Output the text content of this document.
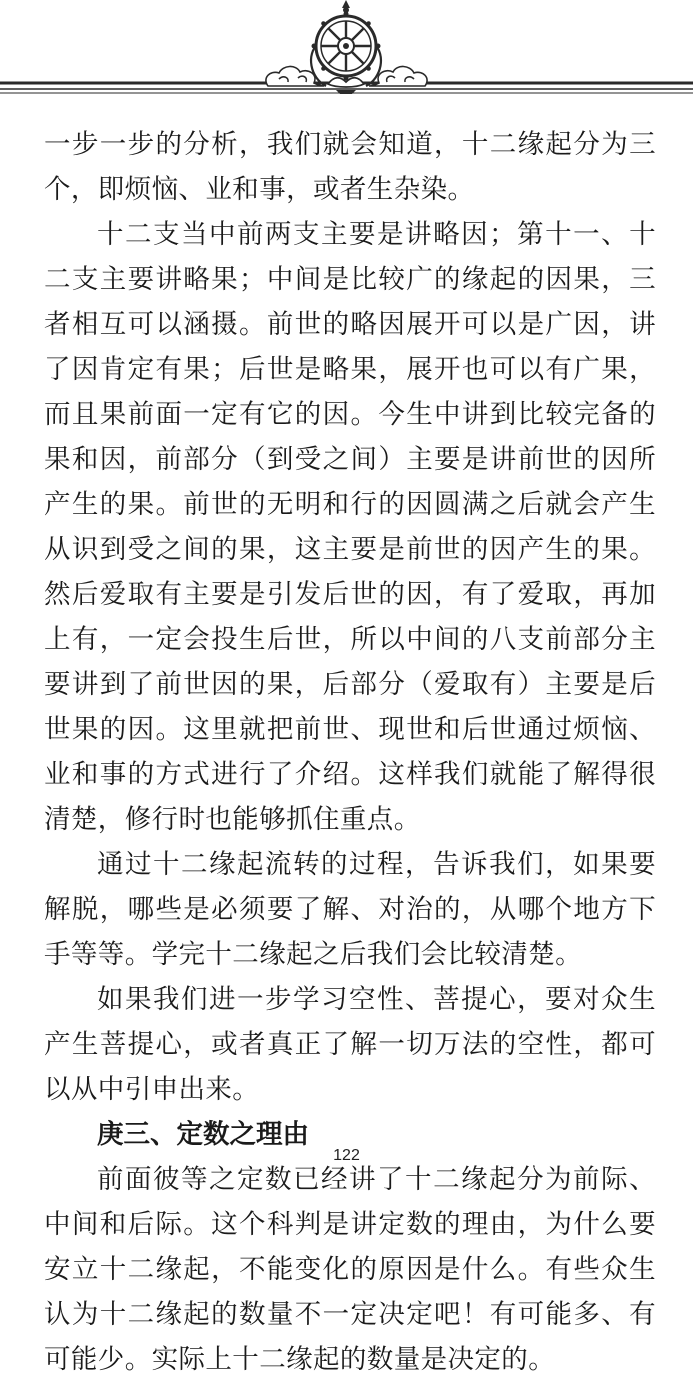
一步一步的分析，我们就会知道，十二缘起分为三个，即烦恼、业和事，或者生杂染。

十二支当中前两支主要是讲略因；第十一、十二支主要讲略果；中间是比较广的缘起的因果，三者相互可以涵摄。前世的略因展开可以是广因，讲了因肯定有果；后世是略果，展开也可以有广果，而且果前面一定有它的因。今生中讲到比较完备的果和因，前部分（到受之间）主要是讲前世的因所产生的果。前世的无明和行的因圆满之后就会产生从识到受之间的果，这主要是前世的因产生的果。然后爱取有主要是引发后世的因，有了爱取，再加上有，一定会投生后世，所以中间的八支前部分主要讲到了前世因的果，后部分（爱取有）主要是后世果的因。这里就把前世、现世和后世通过烦恼、业和事的方式进行了介绍。这样我们就能了解得很清楚，修行时也能够抓住重点。

通过十二缘起流转的过程，告诉我们，如果要解脱，哪些是必须要了解、对治的，从哪个地方下手等等。学完十二缘起之后我们会比较清楚。

如果我们进一步学习空性、菩提心，要对众生产生菩提心，或者真正了解一切万法的空性，都可以从中引申出来。

庚三、定数之理由

前面彼等之定数已经讲了十二缘起分为前际、中间和后际。这个科判是讲定数的理由，为什么要安立十二缘起，不能变化的原因是什么。有些众生认为十二缘起的数量不一定决定吧！有可能多、有可能少。实际上十二缘起的数量是决定的。

122
